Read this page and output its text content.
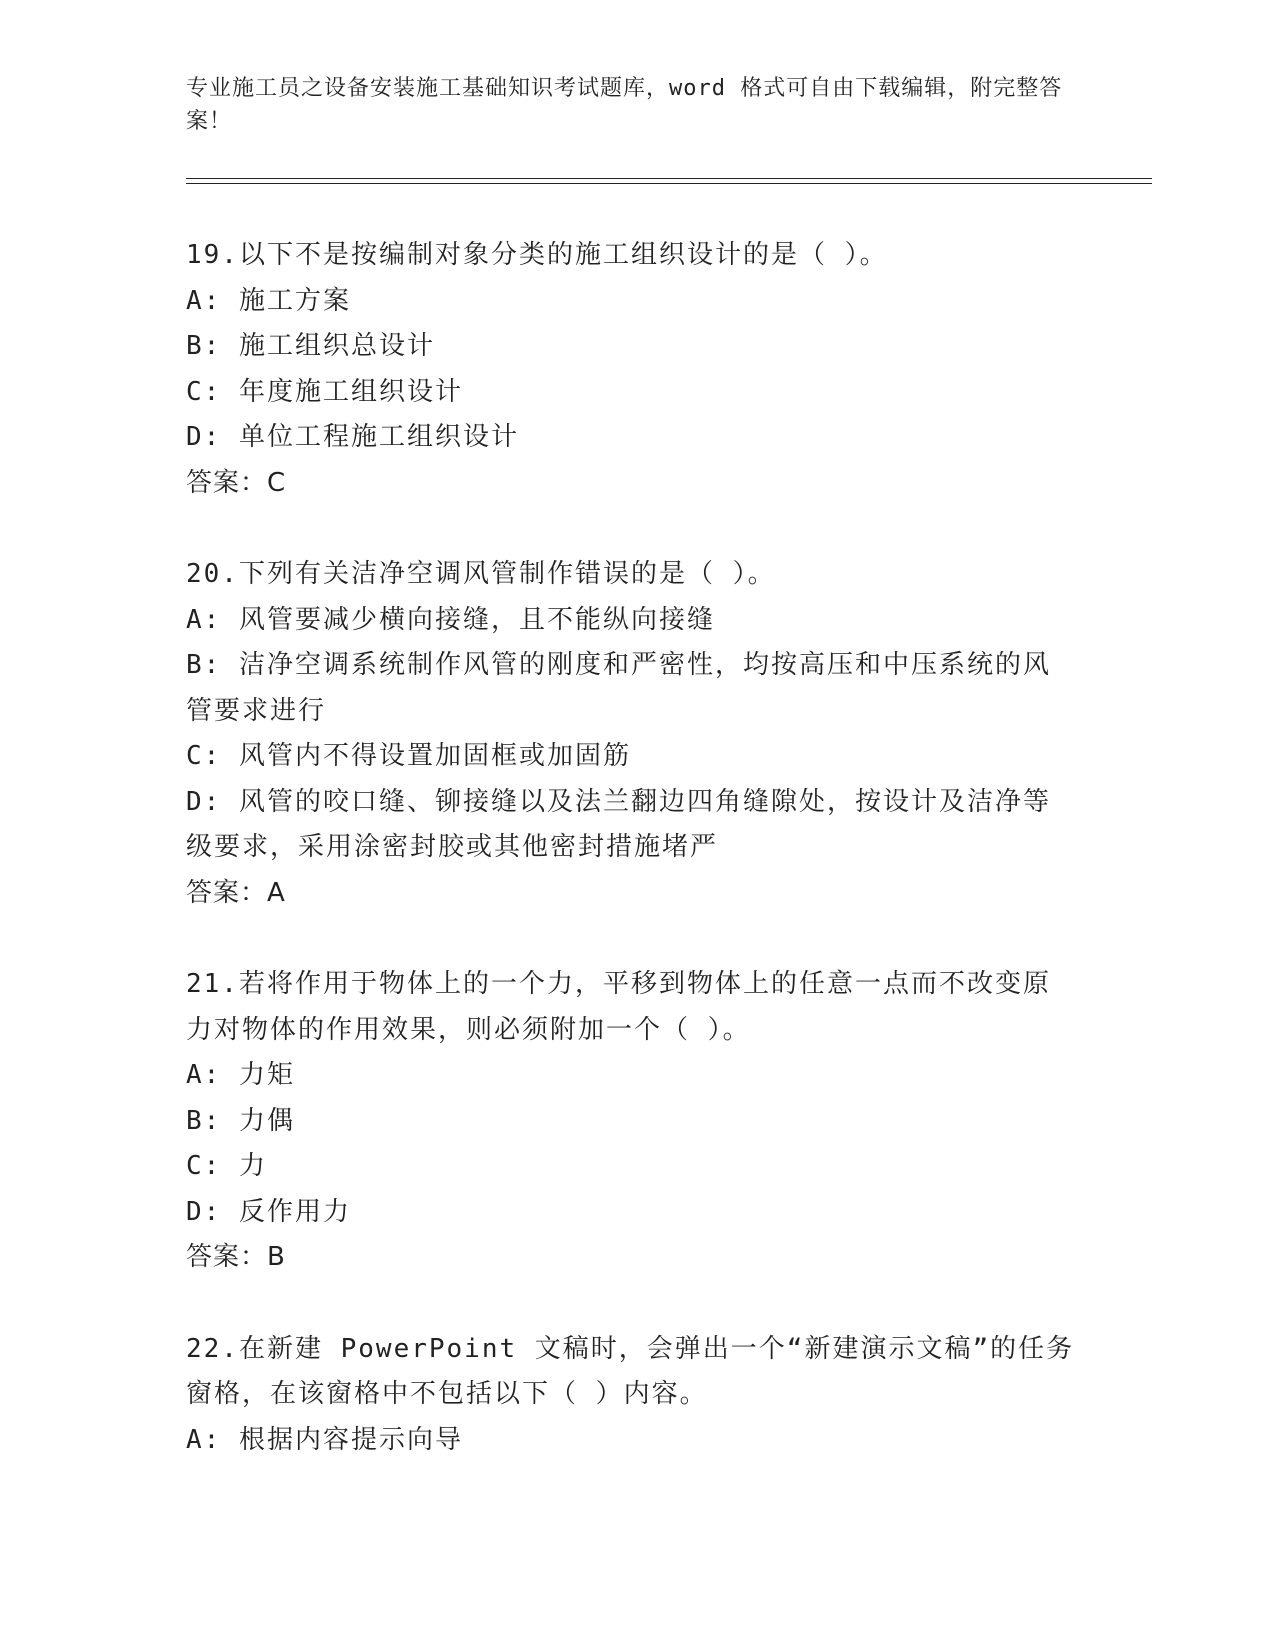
专业施工员之设备安装施工基础知识考试题库，word 格式可自由下载编辑，附完整答案！
19.以下不是按编制对象分类的施工组织设计的是（ ）。
A: 施工方案
B: 施工组织总设计
C: 年度施工组织设计
D: 单位工程施工组织设计
答案：C
20.下列有关洁净空调风管制作错误的是（ ）。
A: 风管要减少横向接缝，且不能纵向接缝
B: 洁净空调系统制作风管的刚度和严密性，均按高压和中压系统的风管要求进行
C: 风管内不得设置加固框或加固筋
D: 风管的咬口缝、铆接缝以及法兰翻边四角缝隙处，按设计及洁净等级要求，采用涂密封胶或其他密封措施堵严
答案：A
21.若将作用于物体上的一个力，平移到物体上的任意一点而不改变原力对物体的作用效果，则必须附加一个（ ）。
A: 力矩
B: 力偶
C: 力
D: 反作用力
答案：B
22.在新建 PowerPoint 文稿时，会弹出一个“新建演示文稿”的任务窗格，在该窗格中不包括以下（ ）内容。
A: 根据内容提示向导
